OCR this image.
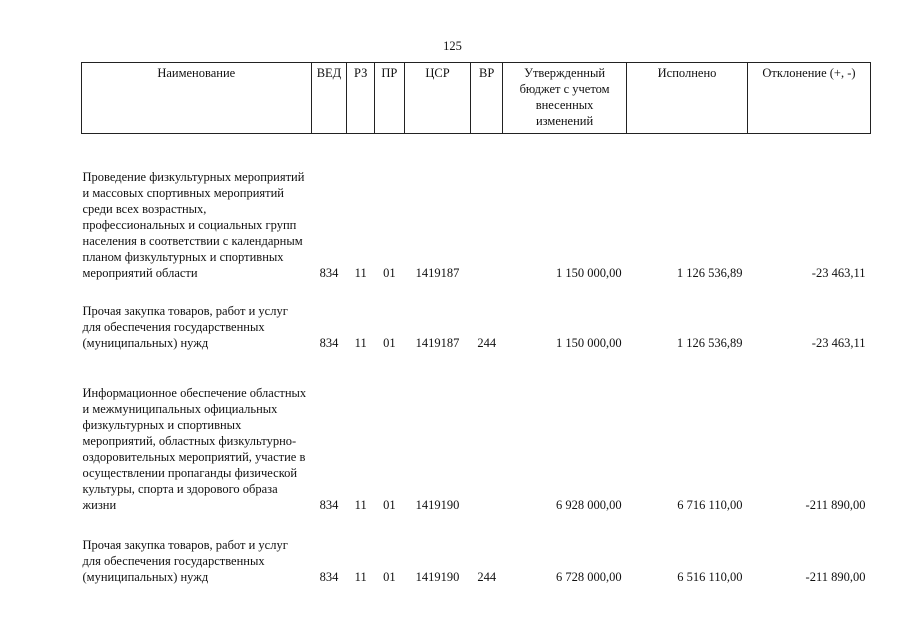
125
Наименование	ВЕД	РЗ	ПР	ЦСР	ВР	Утвержденный бюджет с учетом внесенных изменений	Исполнено	Отклонение (+, -)
Проведение физкультурных мероприятий и массовых спортивных мероприятий среди всех возрастных, профессиональных и социальных групп населения в соответствии с календарным планом физкультурных и спортивных мероприятий области	834	11	01	1419187		1 150 000,00	1 126 536,89	-23 463,11
Прочая закупка товаров, работ и услуг для обеспечения государственных (муниципальных) нужд	834	11	01	1419187	244	1 150 000,00	1 126 536,89	-23 463,11
Информационное обеспечение областных и межмуниципальных официальных физкультурных и спортивных мероприятий, областных физкультурно-оздоровительных мероприятий, участие в осуществлении пропаганды физической культуры, спорта и здорового образа жизни	834	11	01	1419190		6 928 000,00	6 716 110,00	-211 890,00
Прочая закупка товаров, работ и услуг для обеспечения государственных (муниципальных) нужд	834	11	01	1419190	244	6 728 000,00	6 516 110,00	-211 890,00
